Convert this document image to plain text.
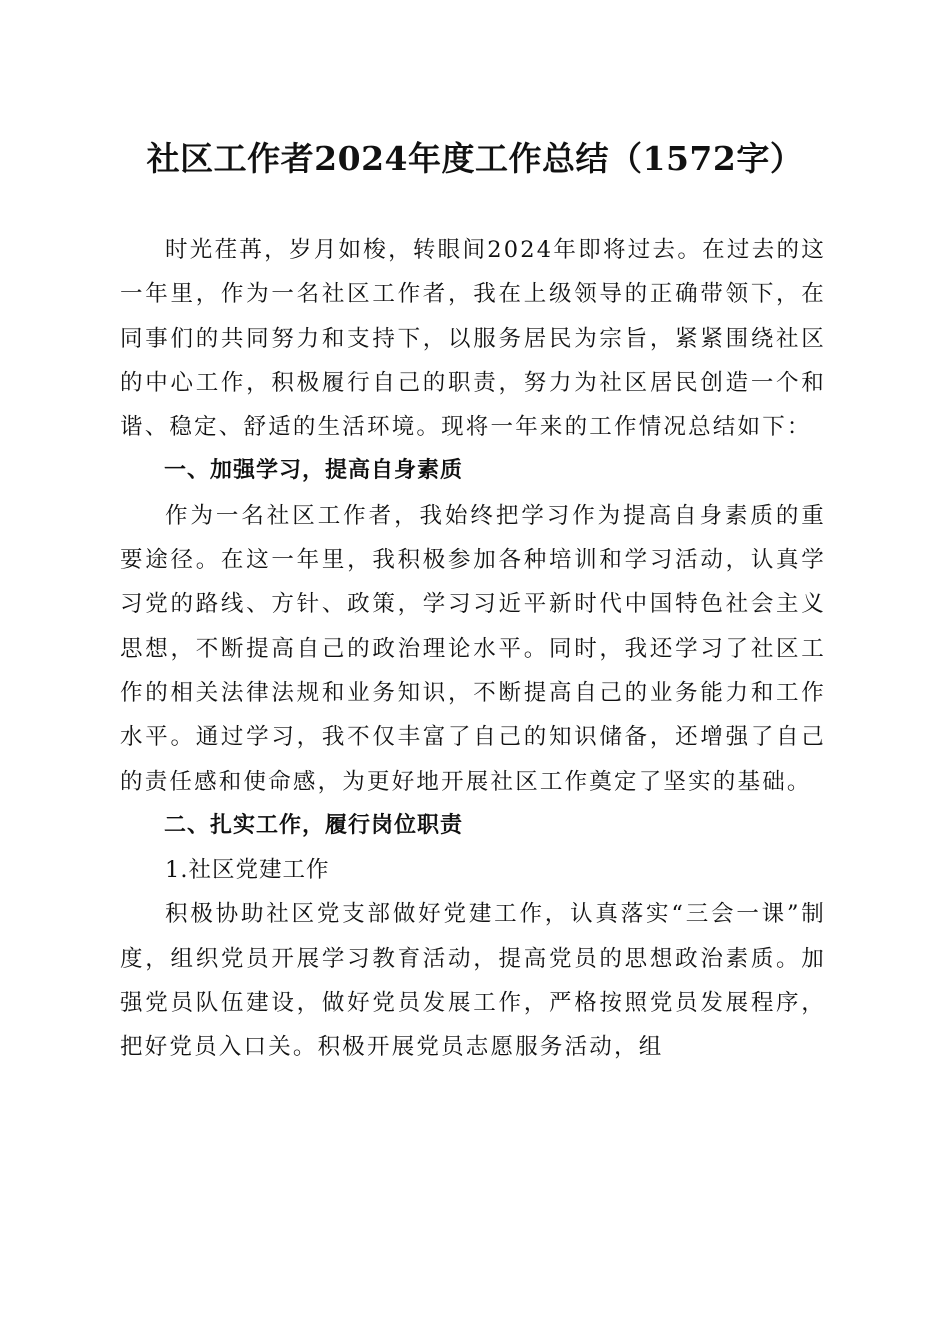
社区工作者2024年度工作总结（1572字）

时光荏苒，岁月如梭，转眼间2024年即将过去。在过去的这一年里，作为一名社区工作者，我在上级领导的正确带领下，在同事们的共同努力和支持下，以服务居民为宗旨，紧紧围绕社区的中心工作，积极履行自己的职责，努力为社区居民创造一个和谐、稳定、舒适的生活环境。现将一年来的工作情况总结如下：

一、加强学习，提高自身素质

作为一名社区工作者，我始终把学习作为提高自身素质的重要途径。在这一年里，我积极参加各种培训和学习活动，认真学习党的路线、方针、政策，学习习近平新时代中国特色社会主义思想，不断提高自己的政治理论水平。同时，我还学习了社区工作的相关法律法规和业务知识，不断提高自己的业务能力和工作水平。通过学习，我不仅丰富了自己的知识储备，还增强了自己的责任感和使命感，为更好地开展社区工作奠定了坚实的基础。

二、扎实工作，履行岗位职责

1.社区党建工作

积极协助社区党支部做好党建工作，认真落实“三会一课”制度，组织党员开展学习教育活动，提高党员的思想政治素质。加强党员队伍建设，做好党员发展工作，严格按照党员发展程序，把好党员入口关。积极开展党员志愿服务活动，组
